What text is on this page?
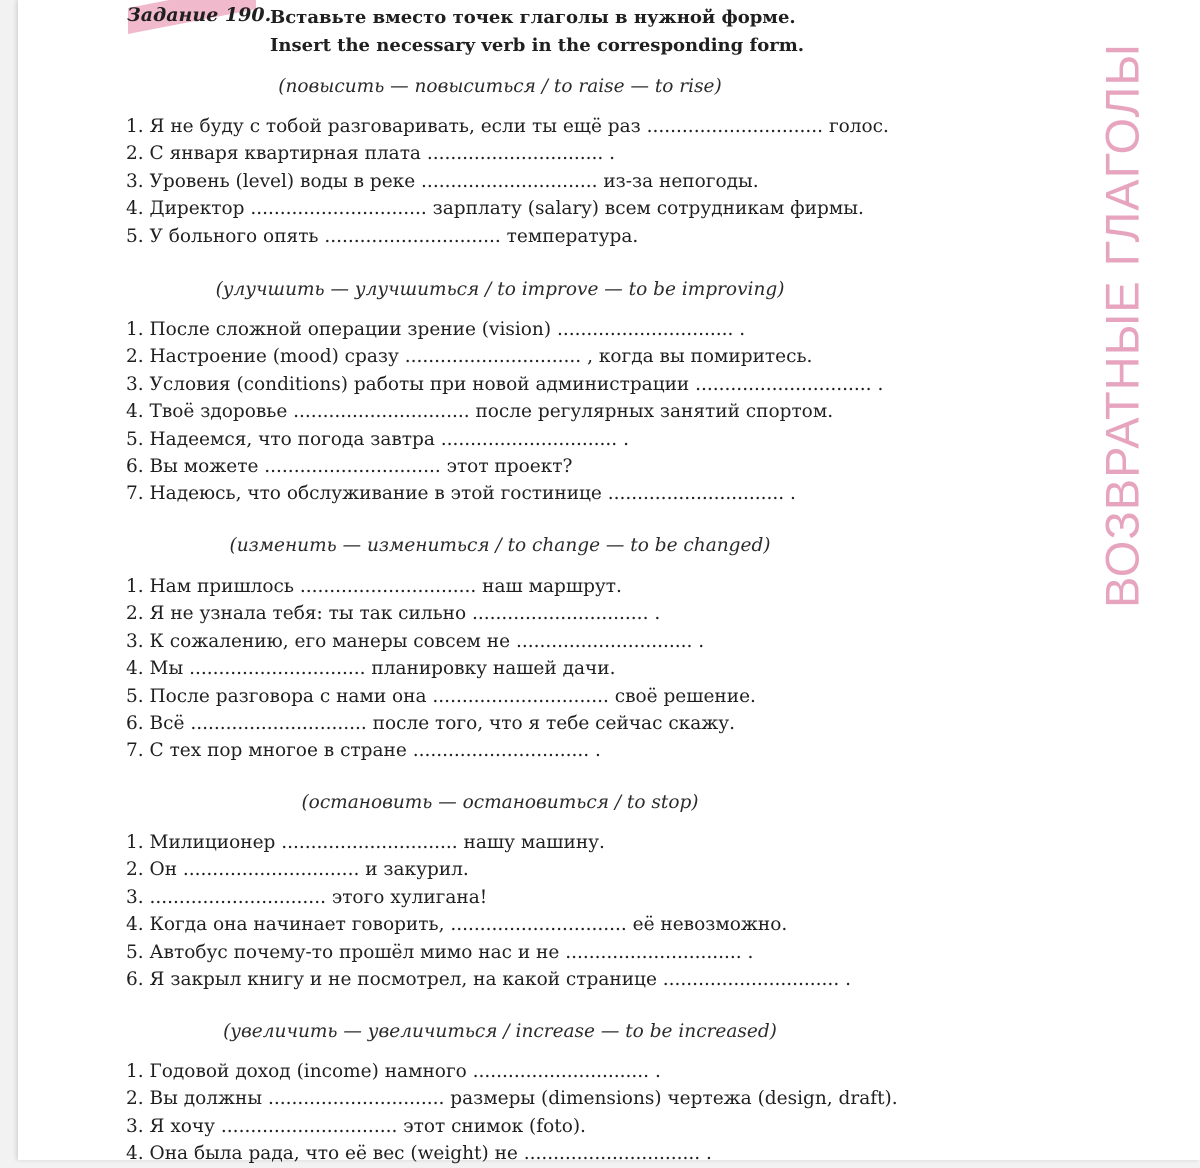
Задание 190.
Вставьте вместо точек глаголы в нужной форме.
Insert the necessary verb in the corresponding form.	ВОЗВРАТНЫЕ ГЛАГОЛЫ
(повысить — повыситься / to raise — to rise)
1. Я не буду с тобой разговаривать, если ты ещё раз .............................. голос.
2. С января квартирная плата .............................. .
3. Уровень (level) воды в реке .............................. из-за непогоды.
4. Директор .............................. зарплату (salary) всем сотрудникам фирмы.
5. У больного опять .............................. температура.
(улучшить — улучшиться / to improve — to be improving)
1. После сложной операции зрение (vision) .............................. .
2. Настроение (mood) сразу .............................. , когда вы помиритесь.
3. Условия (conditions) работы при новой администрации .............................. .
4. Твоё здоровье .............................. после регулярных занятий спортом.
5. Надеемся, что погода завтра .............................. .
6. Вы можете .............................. этот проект?
7. Надеюсь, что обслуживание в этой гостинице .............................. .
(изменить — измениться / to change — to be changed)
1. Нам пришлось .............................. наш маршрут.
2. Я не узнала тебя: ты так сильно .............................. .
3. К сожалению, его манеры совсем не .............................. .
4. Мы .............................. планировку нашей дачи.
5. После разговора с нами она .............................. своё решение.
6. Всё .............................. после того, что я тебе сейчас скажу.
7. С тех пор многое в стране .............................. .
(остановить — остановиться / to stop)
1. Милиционер .............................. нашу машину.
2. Он .............................. и закурил.
3. .............................. этого хулигана!
4. Когда она начинает говорить, .............................. её невозможно.
5. Автобус почему-то прошёл мимо нас и не .............................. .
6. Я закрыл книгу и не посмотрел, на какой странице .............................. .
(увеличить — увеличиться / increase — to be increased)
1. Годовой доход (income) намного .............................. .
2. Вы должны .............................. размеры (dimensions) чертежа (design, draft).
3. Я хочу .............................. этот снимок (foto).
4. Она была рада, что её вес (weight) не .............................. .
